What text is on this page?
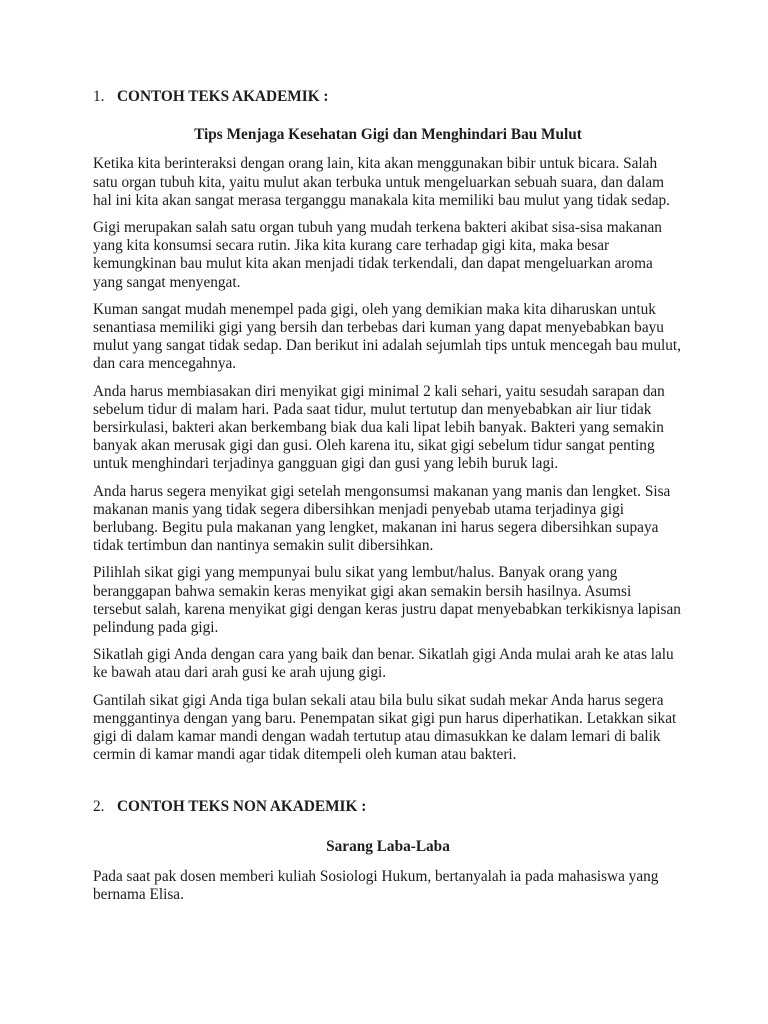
1. CONTOH TEKS AKADEMIK :
Tips Menjaga Kesehatan Gigi dan Menghindari Bau Mulut

Ketika kita berinteraksi dengan orang lain, kita akan menggunakan bibir untuk bicara. Salah satu organ tubuh kita, yaitu mulut akan terbuka untuk mengeluarkan sebuah suara, dan dalam hal ini kita akan sangat merasa terganggu manakala kita memiliki bau mulut yang tidak sedap.

Gigi merupakan salah satu organ tubuh yang mudah terkena bakteri akibat sisa-sisa makanan yang kita konsumsi secara rutin. Jika kita kurang care terhadap gigi kita, maka besar kemungkinan bau mulut kita akan menjadi tidak terkendali, dan dapat mengeluarkan aroma yang sangat menyengat.

Kuman sangat mudah menempel pada gigi, oleh yang demikian maka kita diharuskan untuk senantiasa memiliki gigi yang bersih dan terbebas dari kuman yang dapat menyebabkan bayu mulut yang sangat tidak sedap. Dan berikut ini adalah sejumlah tips untuk mencegah bau mulut, dan cara mencegahnya.

Anda harus membiasakan diri menyikat gigi minimal 2 kali sehari, yaitu sesudah sarapan dan sebelum tidur di malam hari. Pada saat tidur, mulut tertutup dan menyebabkan air liur tidak bersirkulasi, bakteri akan berkembang biak dua kali lipat lebih banyak. Bakteri yang semakin banyak akan merusak gigi dan gusi. Oleh karena itu, sikat gigi sebelum tidur sangat penting untuk menghindari terjadinya gangguan gigi dan gusi yang lebih buruk lagi.

Anda harus segera menyikat gigi setelah mengonsumsi makanan yang manis dan lengket. Sisa makanan manis yang tidak segera dibersihkan menjadi penyebab utama terjadinya gigi berlubang. Begitu pula makanan yang lengket, makanan ini harus segera dibersihkan supaya tidak tertimbun dan nantinya semakin sulit dibersihkan.

Pilihlah sikat gigi yang mempunyai bulu sikat yang lembut/halus. Banyak orang yang beranggapan bahwa semakin keras menyikat gigi akan semakin bersih hasilnya. Asumsi tersebut salah, karena menyikat gigi dengan keras justru dapat menyebabkan terkikisnya lapisan pelindung pada gigi.

Sikatlah gigi Anda dengan cara yang baik dan benar. Sikatlah gigi Anda mulai arah ke atas lalu ke bawah atau dari arah gusi ke arah ujung gigi.

Gantilah sikat gigi Anda tiga bulan sekali atau bila bulu sikat sudah mekar Anda harus segera menggantinya dengan yang baru. Penempatan sikat gigi pun harus diperhatikan. Letakkan sikat gigi di dalam kamar mandi dengan wadah tertutup atau dimasukkan ke dalam lemari di balik cermin di kamar mandi agar tidak ditempeli oleh kuman atau bakteri.

2. CONTOH TEKS NON AKADEMIK :
Sarang Laba-Laba

Pada saat pak dosen memberi kuliah Sosiologi Hukum, bertanyalah ia pada mahasiswa yang bernama Elisa.
